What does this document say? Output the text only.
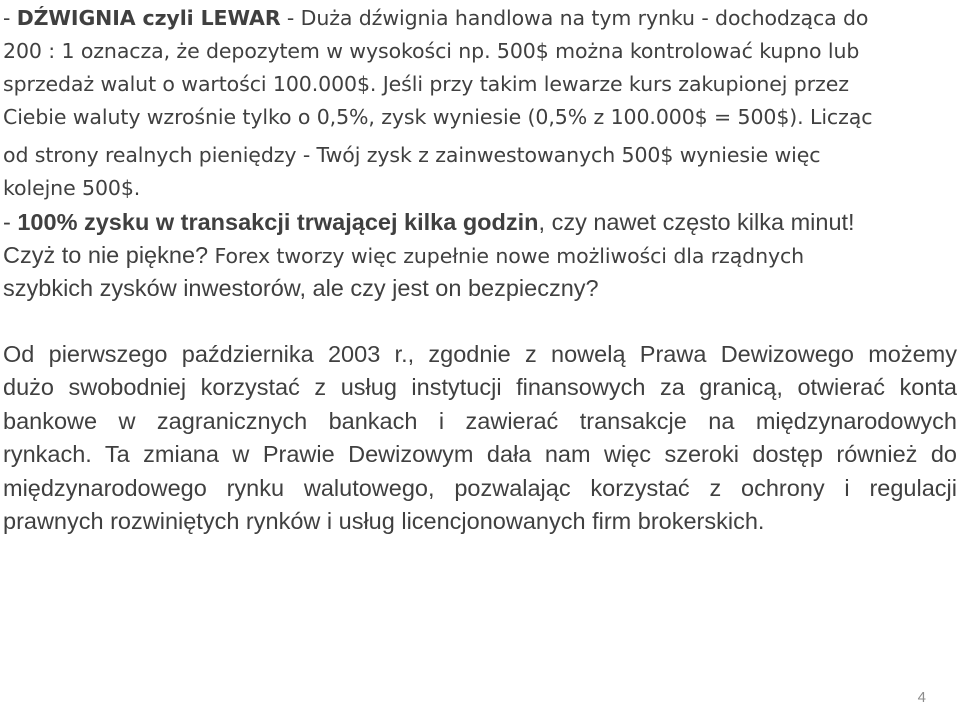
- DŹWIGNIA czyli LEWAR - Duża dźwignia handlowa na tym rynku - dochodząca do
200 : 1 oznacza, że depozytem w wysokości np. 500$ można kontrolować kupno lub
sprzedaż walut o wartości 100.000$. Jeśli przy takim lewarze kurs zakupionej przez
Ciebie waluty wzrośnie tylko o 0,5%, zysk wyniesie (0,5% z 100.000$ = 500$). Licząc
od strony realnych pieniędzy - Twój zysk z zainwestowanych 500$ wyniesie więc
kolejne 500$.
- 100% zysku w transakcji trwającej kilka godzin, czy nawet często kilka minut!
Czyż to nie piękne? Forex tworzy więc zupełnie nowe możliwości dla rządnych
szybkich zysków inwestorów, ale czy jest on bezpieczny?
Od pierwszego października 2003 r., zgodnie z nowelą Prawa Dewizowego możemy
dużo swobodniej korzystać z usług instytucji finansowych za granicą, otwierać konta
bankowe w zagranicznych bankach i zawierać transakcje na międzynarodowych
rynkach. Ta zmiana w Prawie Dewizowym dała nam więc szeroki dostęp również do
międzynarodowego rynku walutowego, pozwalając korzystać z ochrony i regulacji
prawnych rozwiniętych rynków i usług licencjonowanych firm brokerskich.
4
